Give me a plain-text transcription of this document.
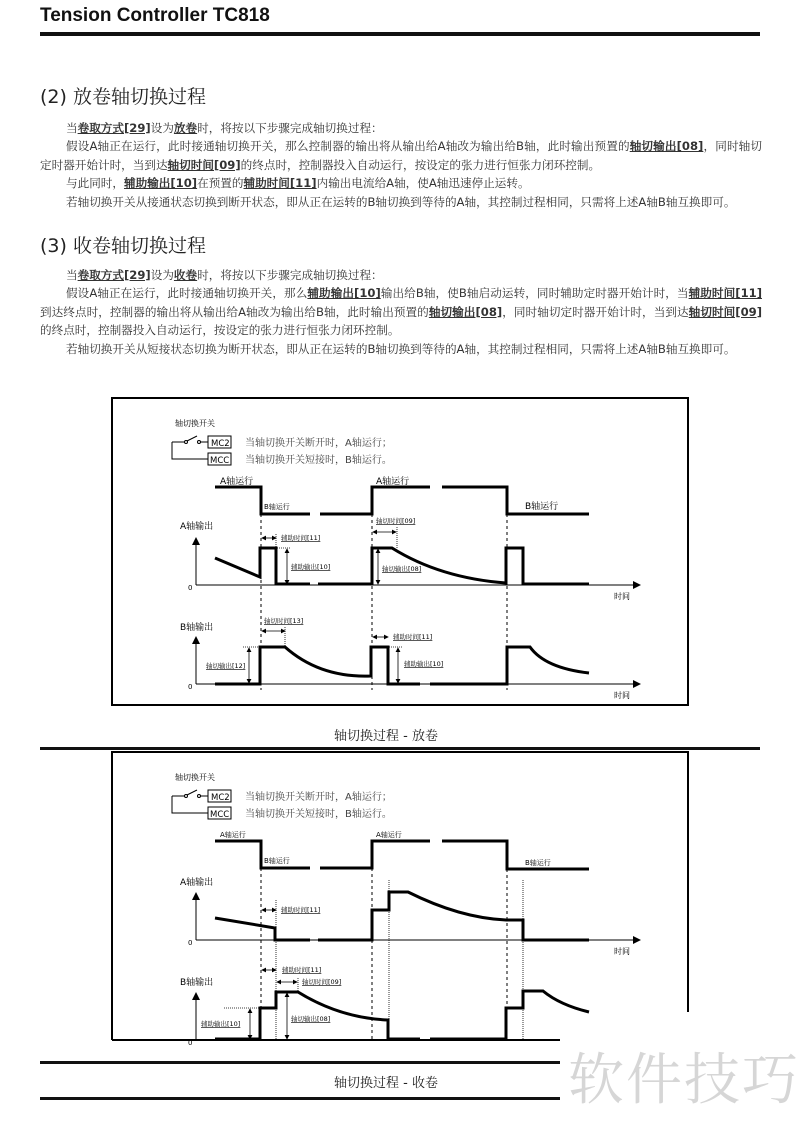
Tension Controller TC818
(2) 放卷轴切换过程

当卷取方式[29]设为放卷时，将按以下步骤完成轴切换过程：

假设A轴正在运行，此时接通轴切换开关，那么控制器的输出将从输出给A轴改为输出给B轴，此时输出预置的轴切输出[08]，同时轴切定时器开始计时，当到达轴切时间[09]的终点时，控制器投入自动运行，按设定的张力进行恒张力闭环控制。

与此同时，辅助输出[10]在预置的辅助时间[11]内输出电流给A轴，使A轴迅速停止运转。

若轴切换开关从接通状态切换到断开状态，即从正在运转的B轴切换到等待的A轴，其控制过程相同，只需将上述A轴B轴互换即可。

(3) 收卷轴切换过程

当卷取方式[29]设为收卷时，将按以下步骤完成轴切换过程：

假设A轴正在运行，此时接通轴切换开关，那么辅助输出[10]输出给B轴，使B轴启动运转，同时辅助定时器开始计时，当辅助时间[11]到达终点时，控制器的输出将从输出给A轴改为输出给B轴，此时输出预置的轴切输出[08]，同时轴切定时器开始计时，当到达轴切时间[09]的终点时，控制器投入自动运行，按设定的张力进行恒张力闭环控制。

若轴切换开关从短接状态切换为断开状态，即从正在运转的B轴切换到等待的A轴，其控制过程相同，只需将上述A轴B轴互换即可。

轴切换开关
MC2
MCC
当轴切换开关断开时，A轴运行；
当轴切换开关短接时，B轴运行。
A轴运行
B轴运行
A轴运行
B轴运行
A轴输出
0
时间
辅助时间[11]
辅助输出[10]
轴切时间[09]
轴切输出[08]
B轴输出
0
时间
轴切时间[13]
轴切输出[12]
辅助时间[11]
辅助输出[10]
轴切换开关
MC2
MCC
当轴切换开关断开时，A轴运行；
当轴切换开关短接时，B轴运行。
A轴运行
B轴运行
A轴运行
B轴运行
A轴输出
0
时间
辅助时间[11]
B轴输出
0
辅助时间[11]
轴切时间[09]
辅助输出[10]
轴切输出[08]
轴切换过程 - 放卷
轴切换过程 - 收卷 软件技巧
